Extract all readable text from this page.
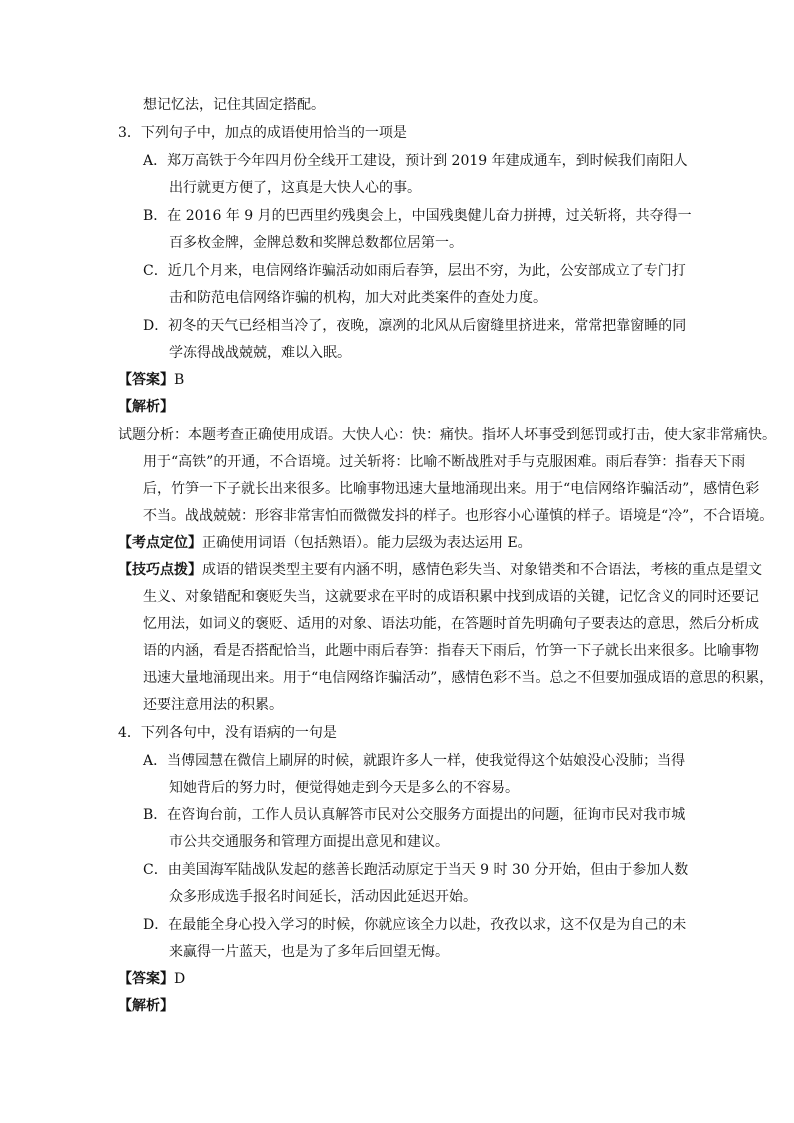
想记忆法，记住其固定搭配。
3．下列句子中，加点的成语使用恰当的一项是
A．郑万高铁于今年四月份全线开工建设，预计到 2019 年建成通车，到时候我们南阳人
出行就更方便了，这真是大快人心的事。
B．在 2016 年 9 月的巴西里约残奥会上，中国残奥健儿奋力拼搏，过关斩将，共夺得一
百多枚金牌，金牌总数和奖牌总数都位居第一。
C．近几个月来，电信网络诈骗活动如雨后春笋，层出不穷，为此，公安部成立了专门打
击和防范电信网络诈骗的机构，加大对此类案件的查处力度。
D．初冬的天气已经相当冷了，夜晚，凛冽的北风从后窗缝里挤进来，常常把靠窗睡的同
学冻得战战兢兢，难以入眠。
【答案】B
【解析】
试题分析：本题考查正确使用成语。大快人心：快：痛快。指坏人坏事受到惩罚或打击，使大家非常痛快。
用于“高铁”的开通，不合语境。过关斩将：比喻不断战胜对手与克服困难。雨后春笋：指春天下雨
后，竹笋一下子就长出来很多。比喻事物迅速大量地涌现出来。用于“电信网络诈骗活动”，感情色彩
不当。战战兢兢：形容非常害怕而微微发抖的样子。也形容小心谨慎的样子。语境是“冷”，不合语境。
【考点定位】正确使用词语（包括熟语）。能力层级为表达运用 E。
【技巧点拨】成语的错误类型主要有内涵不明，感情色彩失当、对象错类和不合语法，考核的重点是望文
生义、对象错配和褒贬失当，这就要求在平时的成语积累中找到成语的关键，记忆含义的同时还要记
忆用法，如词义的褒贬、适用的对象、语法功能，在答题时首先明确句子要表达的意思，然后分析成
语的内涵，看是否搭配恰当，此题中雨后春笋：指春天下雨后，竹笋一下子就长出来很多。比喻事物
迅速大量地涌现出来。用于“电信网络诈骗活动”，感情色彩不当。总之不但要加强成语的意思的积累，
还要注意用法的积累。
4．下列各句中，没有语病的一句是
A．当傅园慧在微信上刷屏的时候，就跟许多人一样，使我觉得这个姑娘没心没肺；当得
知她背后的努力时，便觉得她走到今天是多么的不容易。
B．在咨询台前，工作人员认真解答市民对公交服务方面提出的问题，征询市民对我市城
市公共交通服务和管理方面提出意见和建议。
C．由美国海军陆战队发起的慈善长跑活动原定于当天 9 时 30 分开始，但由于参加人数
众多形成选手报名时间延长，活动因此延迟开始。
D．在最能全身心投入学习的时候，你就应该全力以赴，孜孜以求，这不仅是为自己的未
来赢得一片蓝天，也是为了多年后回望无悔。
【答案】D
【解析】
